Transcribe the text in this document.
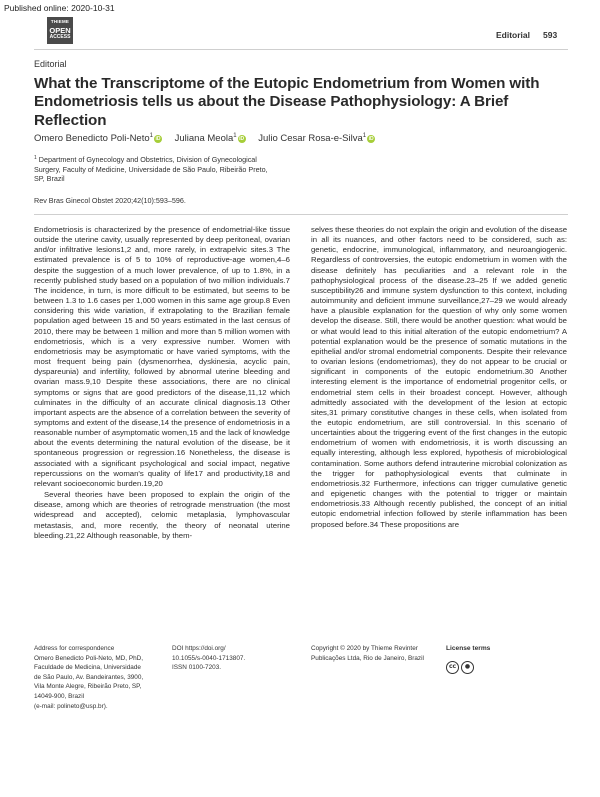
Published online: 2020-10-31
THIEME
OPEN
ACCESS	Editorial 593
Editorial
What the Transcriptome of the Eutopic Endometrium from Women with Endometriosis tells us about the Disease Pathophysiology: A Brief Reflection
Omero Benedicto Poli-Neto$^1$ iD Juliana Meola$^1$ iD Julio Cesar Rosa-e-Silva$^1$ iD
$^1$ Department of Gynecology and Obstetrics, Division of Gynecological Surgery, Faculty of Medicine, Universidade de São Paulo, Ribeirão Preto, SP, Brazil
Rev Bras Ginecol Obstet 2020;42(10):593–596.

Endometriosis is characterized by the presence of endometrial-like tissue outside the uterine cavity, usually represented by deep peritoneal, ovarian and/or infiltrative lesions1,2 and, more rarely, in extrapelvic sites.3 The estimated prevalence is of 5 to 10% of reproductive-age women,4–6 despite the suggestion of a much lower prevalence, of up to 1.8%, in a recently published study based on a population of two million individuals.7 The incidence, in turn, is more difficult to be estimated, but seems to be between 1.3 to 1.6 cases per 1,000 women in this same age group.8 Even considering this wide variation, if extrapolating to the Brazilian female population aged between 15 and 50 years estimated in the last census of 2010, there may be between 1 million and more than 5 million women with endometriosis, which is a very expressive number. Women with endometriosis may be asymptomatic or have varied symptoms, with the most frequent being pain (dysmenorrhea, dyskinesia, acyclic pain, dyspareunia) and infertility, followed by abnormal uterine bleeding and ovarian mass.9,10 Despite these associations, there are no clinical symptoms or signs that are good predictors of the disease,11,12 which culminates in the difficulty of an accurate clinical diagnosis.13 Other important aspects are the absence of a correlation between the severity of symptoms and extent of the disease,14 the presence of endometriosis in a reasonable number of asymptomatic women,15 and the lack of knowledge about the events determining the natural evolution of the disease, be it spontaneous progression or regression.16 Nonetheless, the disease is associated with a significant psychological and social impact, negative repercussions on the woman's quality of life17 and productivity,18 and relevant socioeconomic burden.19,20

Several theories have been proposed to explain the origin of the disease, among which are theories of retrograde menstruation (the most widespread and accepted), celomic metaplasia, lymphovascular metastasis, and, more recently, the theory of neonatal uterine bleeding.21,22 Although reasonable, by them-

selves these theories do not explain the origin and evolution of the disease in all its nuances, and other factors need to be considered, such as: genetic, endocrine, immunological, inflammatory, and neuroangiogenic. Regardless of controversies, the eutopic endometrium in women with the disease definitely has peculiarities and a relevant role in the pathophysiological process of the disease.23–25 If we added genetic susceptibility26 and immune system dysfunction to this context, including autoimmunity and deficient immune surveillance,27–29 we would already have a plausible explanation for the question of why only some women develop the disease. Still, there would be another question: what would be or what would lead to this initial alteration of the eutopic endometrium? A potential explanation would be the presence of somatic mutations in the epithelial and/or stromal endometrial components. Despite their relevance to ovarian lesions (endometriomas), they do not appear to be crucial or significant in components of the eutopic endometrium.30 Another interesting element is the importance of endometrial progenitor cells, or endometrial stem cells in their broadest concept. However, although admittedly associated with the development of the lesion at ectopic sites,31 primary constitutive changes in these cells, when isolated from the eutopic endometrium, are still controversial. In this scenario of uncertainties about the triggering event of the first changes in the eutopic endometrium of women with endometriosis, it is worth discussing an equally interesting, although less explored, hypothesis of microbiological contamination. Some authors defend intrauterine microbial colonization as the trigger for pathophysiological events that culminate in endometriosis.32 Furthermore, infections can trigger cumulative genetic and epigenetic changes with the potential to trigger or maintain endometriosis.33 Although recently published, the concept of an initial eutopic endometrial infection followed by sterile inflammation has been proposed before.34 These propositions are

Address for correspondence
Omero Benedicto Poli-Neto, MD, PhD, Faculdade de Medicina, Universidade de São Paulo, Av. Bandeirantes, 3900, Vila Monte Alegre, Ribeirão Preto, SP, 14049-900, Brazil
(e-mail: polineto@usp.br).
DOI https://doi.org/
10.1055/s-0040-1713807.
ISSN 0100-7203.
Copyright © 2020 by Thieme Revinter Publicações Ltda, Rio de Janeiro, Brazil
License terms
cc ●
